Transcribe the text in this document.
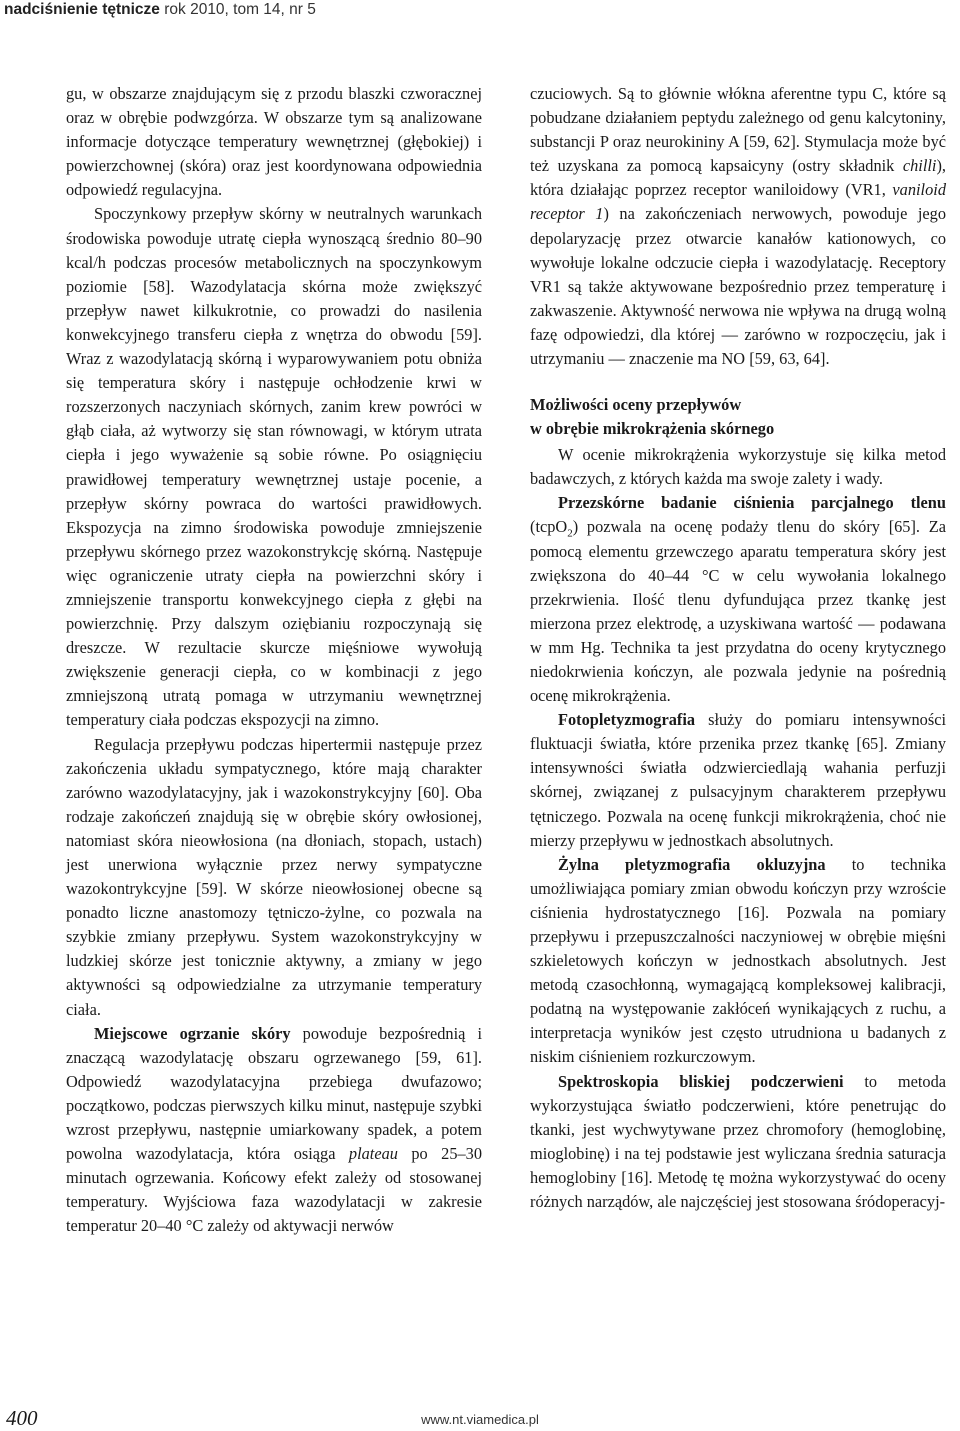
nadciśnienie tętnicze rok 2010, tom 14, nr 5

gu, w obszarze znajdującym się z przodu blaszki czworacznej oraz w obrębie podwzgórza. W obszarze tym są analizowane informacje dotyczące temperatury wewnętrznej (głębokiej) i powierzchownej (skóra) oraz jest koordynowana odpowiednia odpowiedź regulacyjna.

Spoczynkowy przepływ skórny w neutralnych warunkach środowiska powoduje utratę ciepła wynoszącą średnio 80–90 kcal/h podczas procesów metabolicznych na spoczynkowym poziomie [58]. Wazodylatacja skórna może zwiększyć przepływ nawet kilkukrotnie, co prowadzi do nasilenia konwekcyjnego transferu ciepła z wnętrza do obwodu [59]. Wraz z wazodylatacją skórną i wyparowywaniem potu obniża się temperatura skóry i następuje ochłodzenie krwi w rozszerzonych naczyniach skórnych, zanim krew powróci w głąb ciała, aż wytworzy się stan równowagi, w którym utrata ciepła i jego wyważenie są sobie równe. Po osiągnięciu prawidłowej temperatury wewnętrznej ustaje pocenie, a przepływ skórny powraca do wartości prawidłowych. Ekspozycja na zimno środowiska powoduje zmniejszenie przepływu skórnego przez wazokonstrykcję skórną. Następuje więc ograniczenie utraty ciepła na powierzchni skóry i zmniejszenie transportu konwekcyjnego ciepła z głębi na powierzchnię. Przy dalszym oziębianiu rozpoczynają się dreszcze. W rezultacie skurcze mięśniowe wywołują zwiększenie generacji ciepła, co w kombinacji z jego zmniejszoną utratą pomaga w utrzymaniu wewnętrznej temperatury ciała podczas ekspozycji na zimno.

Regulacja przepływu podczas hipertermii następuje przez zakończenia układu sympatycznego, które mają charakter zarówno wazodylatacyjny, jak i wazokonstrykcyjny [60]. Oba rodzaje zakończeń znajdują się w obrębie skóry owłosionej, natomiast skóra nieowłosiona (na dłoniach, stopach, ustach) jest unerwiona wyłącznie przez nerwy sympatyczne wazokontrykcyjne [59]. W skórze nieowłosionej obecne są ponadto liczne anastomozy tętniczo-żylne, co pozwala na szybkie zmiany przepływu. System wazokonstrykcyjny w ludzkiej skórze jest tonicznie aktywny, a zmiany w jego aktywności są odpowiedzialne za utrzymanie temperatury ciała.

Miejscowe ogrzanie skóry powoduje bezpośrednią i znaczącą wazodylatację obszaru ogrzewanego [59, 61]. Odpowiedź wazodylatacyjna przebiega dwufazowo; początkowo, podczas pierwszych kilku minut, następuje szybki wzrost przepływu, następnie umiarkowany spadek, a potem powolna wazodylatacja, która osiąga plateau po 25–30 minutach ogrzewania. Końcowy efekt zależy od stosowanej temperatury. Wyjściowa faza wazodylatacji w zakresie temperatur 20–40 °C zależy od aktywacji nerwów

czuciowych. Są to głównie włókna aferentne typu C, które są pobudzane działaniem peptydu zależnego od genu kalcytoniny, substancji P oraz neurokininy A [59, 62]. Stymulacja może być też uzyskana za pomocą kapsaicyny (ostry składnik chilli), która działając poprzez receptor waniloidowy (VR1, vaniloid receptor 1) na zakończeniach nerwowych, powoduje jego depolaryzację przez otwarcie kanałów kationowych, co wywołuje lokalne odczucie ciepła i wazodylatację. Receptory VR1 są także aktywowane bezpośrednio przez temperaturę i zakwaszenie. Aktywność nerwowa nie wpływa na drugą wolną fazę odpowiedzi, dla której — zarówno w rozpoczęciu, jak i utrzymaniu — znaczenie ma NO [59, 63, 64].

Możliwości oceny przepływów
w obrębie mikrokrążenia skórnego

W ocenie mikrokrążenia wykorzystuje się kilka metod badawczych, z których każda ma swoje zalety i wady.

Przezskórne badanie ciśnienia parcjalnego tlenu (tcpO$_2$) pozwala na ocenę podaży tlenu do skóry [65]. Za pomocą elementu grzewczego aparatu temperatura skóry jest zwiększona do 40–44 °C w celu wywołania lokalnego przekrwienia. Ilość tlenu dyfundująca przez tkankę jest mierzona przez elektrodę, a uzyskiwana wartość — podawana w mm Hg. Technika ta jest przydatna do oceny krytycznego niedokrwienia kończyn, ale pozwala jedynie na pośrednią ocenę mikrokrążenia.

Fotopletyzmografia służy do pomiaru intensywności fluktuacji światła, które przenika przez tkankę [65]. Zmiany intensywności światła odzwierciedlają wahania perfuzji skórnej, związanej z pulsacyjnym charakterem przepływu tętniczego. Pozwala na ocenę funkcji mikrokrążenia, choć nie mierzy przepływu w jednostkach absolutnych.

Żylna pletyzmografia okluzyjna to technika umożliwiająca pomiary zmian obwodu kończyn przy wzroście ciśnienia hydrostatycznego [16]. Pozwala na pomiary przepływu i przepuszczalności naczyniowej w obrębie mięśni szkieletowych kończyn w jednostkach absolutnych. Jest metodą czasochłonną, wymagającą kompleksowej kalibracji, podatną na występowanie zakłóceń wynikających z ruchu, a interpretacja wyników jest często utrudniona u badanych z niskim ciśnieniem rozkurczowym.

Spektroskopia bliskiej podczerwieni to metoda wykorzystująca światło podczerwieni, które penetrując do tkanki, jest wychwytywane przez chromofory (hemoglobinę, mioglobinę) i na tej podstawie jest wyliczana średnia saturacja hemoglobiny [16]. Metodę tę można wykorzystywać do oceny różnych narządów, ale najczęściej jest stosowana śródoperacyj-

400	www.nt.viamedica.pl
